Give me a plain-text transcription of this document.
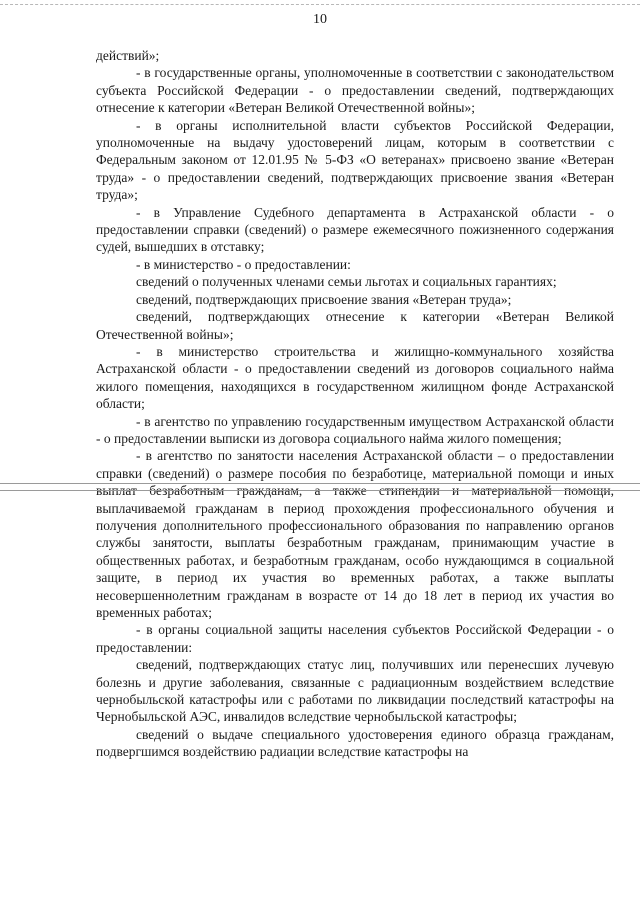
10

действий»;

- в государственные органы, уполномоченные в соответствии с законодательством субъекта Российской Федерации - о предоставлении сведений, подтверждающих отнесение к категории «Ветеран Великой Отечественной войны»;

- в органы исполнительной власти субъектов Российской Федерации, уполномоченные на выдачу удостоверений лицам, которым в соответствии с Федеральным законом от 12.01.95 № 5-ФЗ «О ветеранах» присвоено звание «Ветеран труда» - о предоставлении сведений, подтверждающих присвоение звания «Ветеран труда»;

- в Управление Судебного департамента в Астраханской области - о предоставлении справки (сведений) о размере ежемесячного пожизненного содержания судей, вышедших в отставку;

- в министерство - о предоставлении:

сведений о полученных членами семьи льготах и социальных гарантиях;

сведений, подтверждающих присвоение звания «Ветеран труда»;

сведений, подтверждающих отнесение к категории «Ветеран Великой Отечественной войны»;

- в министерство строительства и жилищно-коммунального хозяйства Астраханской области - о предоставлении сведений из договоров социального найма жилого помещения, находящихся в государственном жилищном фонде Астраханской области;

- в агентство по управлению государственным имуществом Астраханской области - о предоставлении выписки из договора социального найма жилого помещения;

- в агентство по занятости населения Астраханской области – о предоставлении справки (сведений) о размере пособия по безработице, материальной помощи и иных выплат безработным гражданам, а также стипендии и материальной помощи, выплачиваемой гражданам в период прохождения профессионального обучения и получения дополнительного профессионального образования по направлению органов службы занятости, выплаты безработным гражданам, принимающим участие в общественных работах, и безработным гражданам, особо нуждающимся в социальной защите, в период их участия во временных работах, а также выплаты несовершеннолетним гражданам в возрасте от 14 до 18 лет в период их участия во временных работах;

- в органы социальной защиты населения субъектов Российской Федерации - о предоставлении:

сведений, подтверждающих статус лиц, получивших или перенесших лучевую болезнь и другие заболевания, связанные с радиационным воздействием вследствие чернобыльской катастрофы или с работами по ликвидации последствий катастрофы на Чернобыльской АЭС, инвалидов вследствие чернобыльской катастрофы;

сведений о выдаче специального удостоверения единого образца гражданам, подвергшимся воздействию радиации вследствие катастрофы на
